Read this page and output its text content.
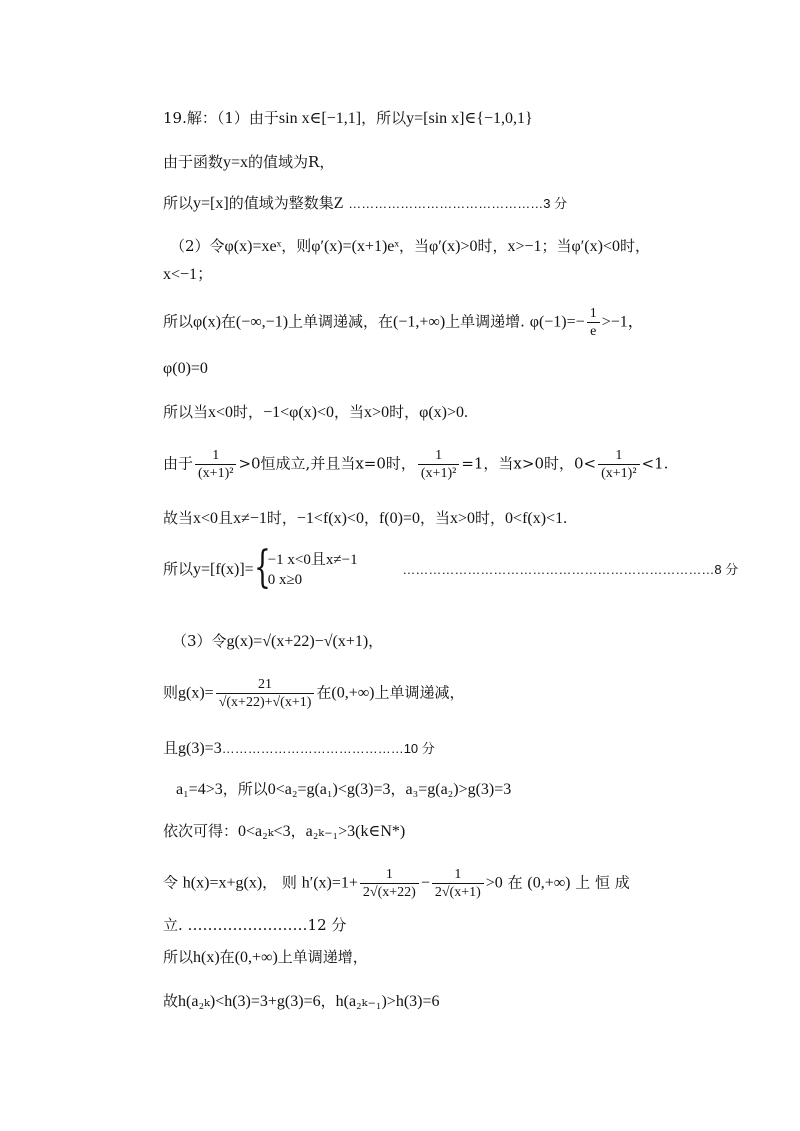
19.解：（1）由于sin x∈[−1,1]，所以y=[sin x]∈{−1,0,1}
由于函数y=x的值域为R，
所以y=[x]的值域为整数集Z ………………………………………3 分
（2）令φ(x)=xeˣ，则φ′(x)=(x+1)eˣ，当φ′(x)>0时，x>−1；当φ′(x)<0时，
x<−1；
所以φ(x)在(−∞,−1)上单调递减，在(−1,+∞)上单调递增. $\varphi(-1)=- \frac{1}{e} >-1$，
φ(0)=0
所以当x<0时，−1<φ(x)<0，当x>0时，φ(x)>0.
由于 $\frac{1}{\text{(x+1)²}} >0$恒成立,并且当x=0时， $\frac{1}{\text{(x+1)²}} =1$，当x>0时，$0< \frac{1}{\text{(x+1)²}} <1$.
故当x<0且x≠−1时，−1<f(x)<0，f(0)=0，当x>0时，0<f(x)<1.
所以y=[f(x)]= {
−1 x<0且x≠−1
0 x≥0
………………………………………………………………8 分
（3）令g(x)=√(x+22)−√(x+1)，
则$g(x)= \frac{21}{√(x+22)+√(x+1)}$ 在(0,+∞)上单调递减，
且g(3)=3……………………………………10 分
a₁=4>3，所以0<a₂=g(a₁)<g(3)=3，a₃=g(a₂)>g(3)=3
依次可得：0<a₂ₖ<3，a₂ₖ₋₁>3(k∈N*)
令 h(x)=x+g(x)， 则 $h'(x)=1+ \frac{1}{2√(x+22)} - \frac{1}{2√(x+1)} >0$ 在 (0,+∞) 上 恒 成
立. ……………………12 分
所以h(x)在(0,+∞)上单调递增，
故h(a₂ₖ)<h(3)=3+g(3)=6，h(a₂ₖ₋₁)>h(3)=6
